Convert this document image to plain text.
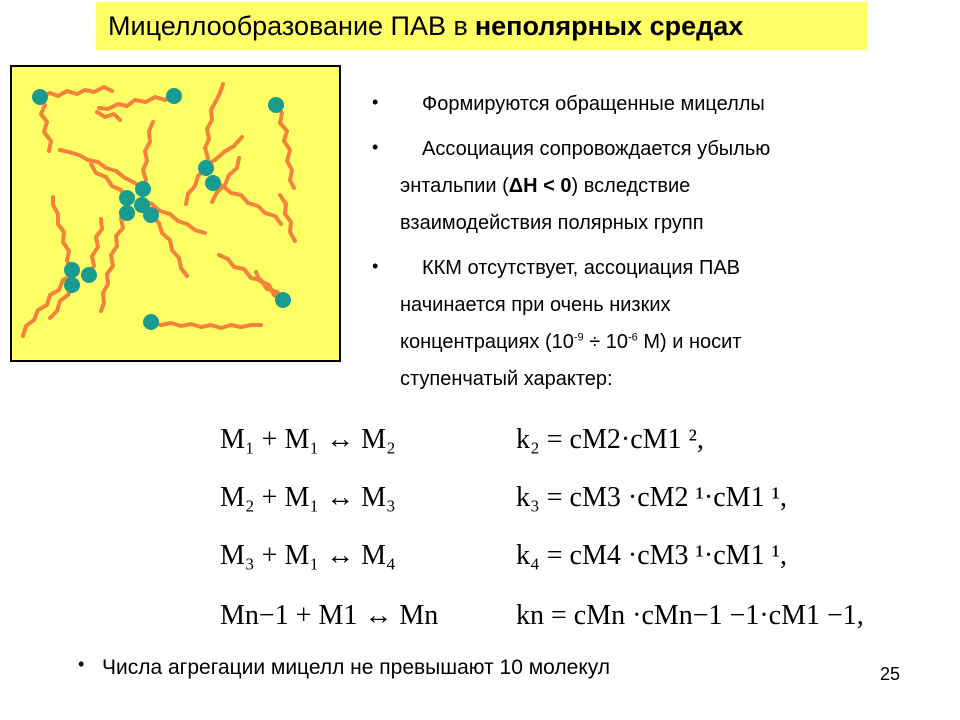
Мицеллообразование ПАВ в неполярных средах
•	Формируются обращенные мицеллы
•	Ассоциация сопровождается убылью
энтальпии (ΔH < 0) вследствие
взаимодействия полярных групп
•	ККМ отсутствует, ассоциация ПАВ
начинается при очень низких
концентрациях ($10^{-9} \div 10^{-6}$ М) и носит
ступенчатый характер:
M₁ + M₁ ↔ M₂	k₂ = cM2·cM1 ²,
M₂ + M₁ ↔ M₃	k₃ = cM3 ·cM2 ¹·cM1 ¹,
M₃ + M₁ ↔ M₄	k₄ = cM4 ·cM3 ¹·cM1 ¹,
Mn−1 + M1 ↔ Mn	kn = cMn ·cMn−1 −1·cM1 −1,
• Числа агрегации мицелл не превышают 10 молекул	25
